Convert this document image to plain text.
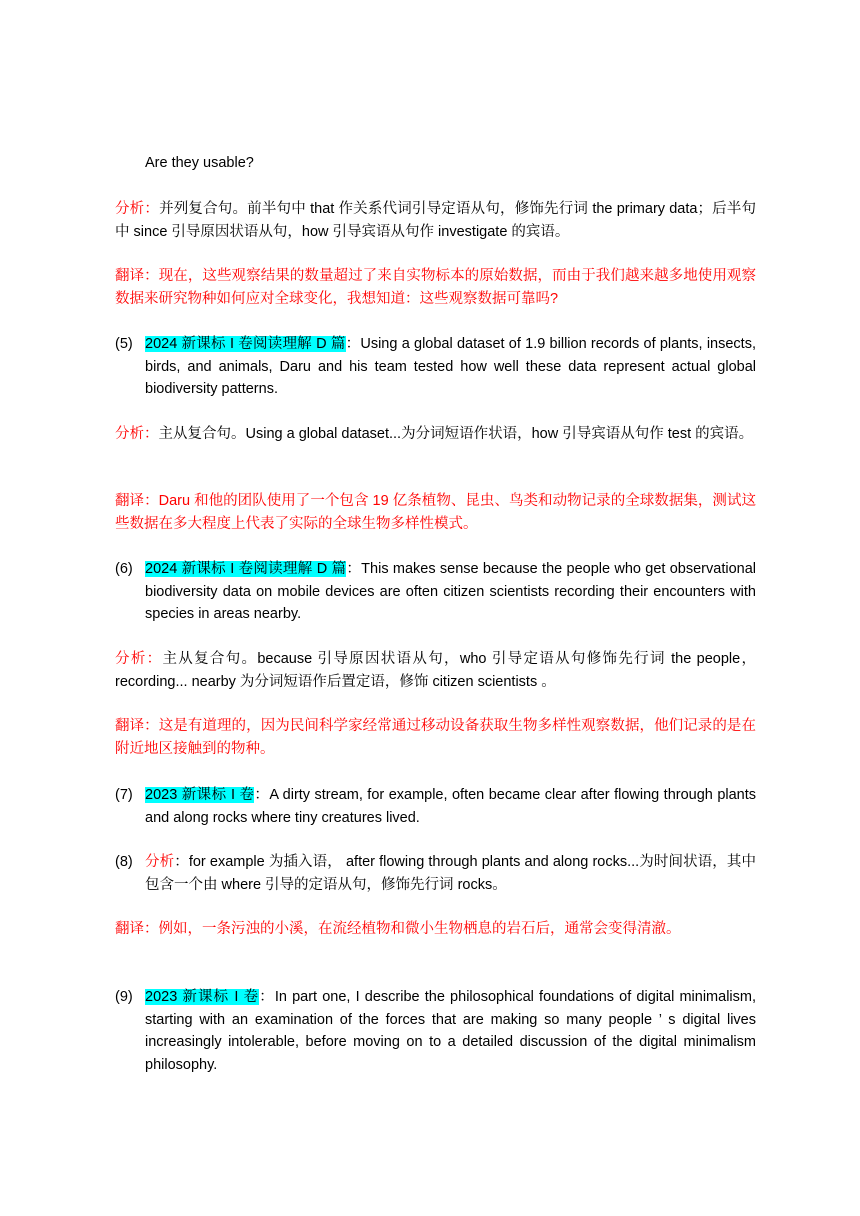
Are they usable?
分析：并列复合句。前半句中 that 作关系代词引导定语从句，修饰先行词 the primary data；后半句中 since 引导原因状语从句，how 引导宾语从句作 investigate 的宾语。
翻译：现在，这些观察结果的数量超过了来自实物标本的原始数据，而由于我们越来越多地使用观察数据来研究物种如何应对全球变化，我想知道：这些观察数据可靠吗?
(5) 2024 新课标 I 卷阅读理解 D 篇：Using a global dataset of 1.9 billion records of plants, insects, birds, and animals, Daru and his team tested how well these data represent actual global biodiversity patterns.
分析：主从复合句。Using a global dataset...为分词短语作状语，how 引导宾语从句作 test 的宾语。
翻译：Daru 和他的团队使用了一个包含 19 亿条植物、昆虫、鸟类和动物记录的全球数据集，测试这些数据在多大程度上代表了实际的全球生物多样性模式。
(6) 2024 新课标 I 卷阅读理解 D 篇：This makes sense because the people who get observational biodiversity data on mobile devices are often citizen scientists recording their encounters with species in areas nearby.
分析：主从复合句。because 引导原因状语从句，who 引导定语从句修饰先行词 the people，recording... nearby 为分词短语作后置定语，修饰 citizen scientists 。
翻译：这是有道理的，因为民间科学家经常通过移动设备获取生物多样性观察数据，他们记录的是在附近地区接触到的物种。
(7) 2023 新课标 I 卷：A dirty stream, for example, often became clear after flowing through plants and along rocks where tiny creatures lived.
(8) 分析：for example 为插入语， after flowing through plants and along rocks...为时间状语，其中包含一个由 where 引导的定语从句，修饰先行词 rocks。
翻译：例如，一条污浊的小溪，在流经植物和微小生物栖息的岩石后，通常会变得清澈。
(9) 2023 新课标 I 卷：In part one, I describe the philosophical foundations of digital minimalism, starting with an examination of the forces that are making so many people ’ s digital lives increasingly intolerable, before moving on to a detailed discussion of the digital minimalism philosophy.
